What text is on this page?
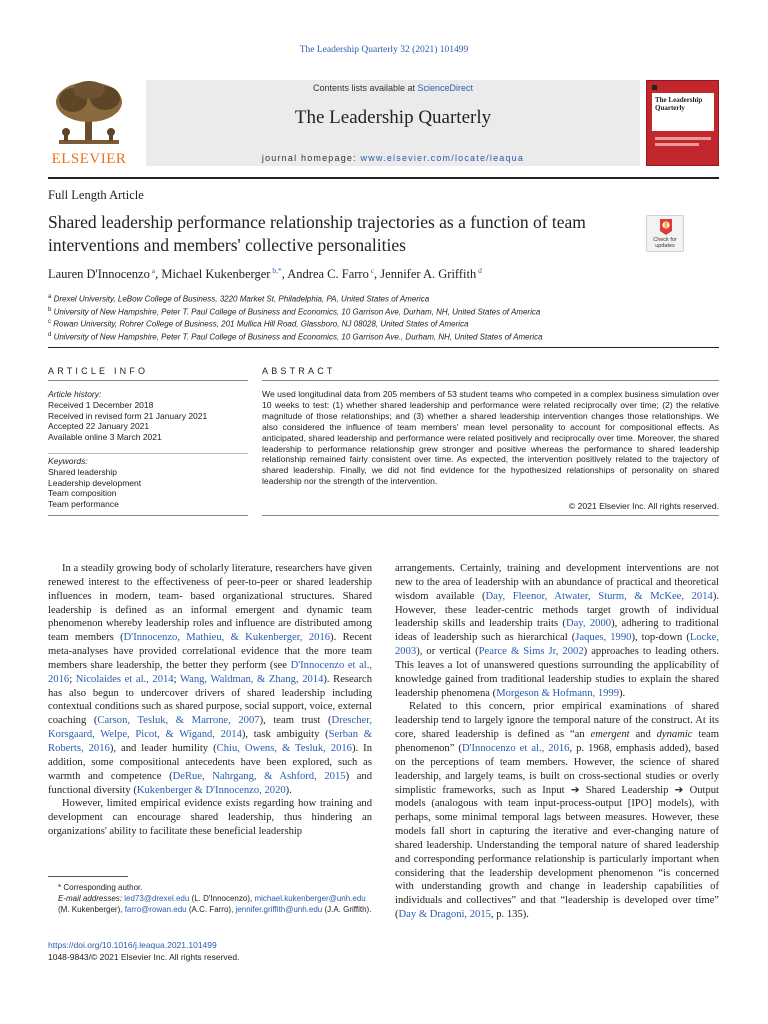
The Leadership Quarterly 32 (2021) 101499
ELSEVIER
Contents lists available at ScienceDirect
The Leadership Quarterly
journal homepage: www.elsevier.com/locate/leaqua
The Leadership Quarterly
Full Length Article
Shared leadership performance relationship trajectories as a function of team interventions and members' collective personalities	Check for updates
Lauren D'Innocenzo $^a$, Michael Kukenberger $^{b,*}$, Andrea C. Farro $^c$, Jennifer A. Griffith $^d$
$^a$ Drexel University, LeBow College of Business, 3220 Market St, Philadelphia, PA, United States of America
$^b$ University of New Hampshire, Peter T. Paul College of Business and Economics, 10 Garrison Ave, Durham, NH, United States of America
$^c$ Rowan University, Rohrer College of Business, 201 Mullica Hill Road, Glassboro, NJ 08028, United States of America
$^d$ University of New Hampshire, Peter T. Paul College of Business and Economics, 10 Garrison Ave., Durham, NH, United States of America
ARTICLE INFO	ABSTRACT
Article history:
Received 1 December 2018
Received in revised form 21 January 2021
Accepted 22 January 2021
Available online 3 March 2021
Keywords:
Shared leadership
Leadership development
Team composition
Team performance
We used longitudinal data from 205 members of 53 student teams who competed in a complex business simulation over 10 weeks to test: (1) whether shared leadership and performance were related reciprocally over time; (2) the relative magnitude of those relationships; and (3) whether a shared leadership intervention changes those relationships. We also considered the influence of team members' mean level personality to account for compositional effects. As anticipated, shared leadership and performance were related positively and reciprocally over time. Moreover, the shared leadership to performance relationship grew stronger and positive whereas the performance to shared leadership relationship remained fairly consistent over time. As expected, the intervention positively related to the trajectory of shared leadership. Finally, we did not find evidence for the hypothesized relationships of personality on shared leadership nor the strength of the intervention.
© 2021 Elsevier Inc. All rights reserved.

In a steadily growing body of scholarly literature, researchers have given renewed interest to the effectiveness of peer-to-peer or shared leadership influences in modern, team- based organizational structures. Shared leadership is defined as an informal emergent and dynamic team phenomenon whereby leadership roles and influence are distributed among team members (D'Innocenzo, Mathieu, & Kukenberger, 2016). Recent meta-analyses have provided correlational evidence that the more team members share leadership, the better they perform (see D'Innocenzo et al., 2016; Nicolaides et al., 2014; Wang, Waldman, & Zhang, 2014). Research has also begun to undercover drivers of shared leadership including contextual conditions such as shared purpose, social support, voice, external coaching (Carson, Tesluk, & Marrone, 2007), team trust (Drescher, Korsgaard, Welpe, Picot, & Wigand, 2014), task ambiguity (Serban & Roberts, 2016), and leader humility (Chiu, Owens, & Tesluk, 2016). In addition, some compositional antecedents have been explored, such as warmth and competence (DeRue, Nahrgang, & Ashford, 2015) and functional diversity (Kukenberger & D'Innocenzo, 2020).

However, limited empirical evidence exists regarding how training and development can encourage shared leadership, thus hindering an organizations' ability to facilitate these beneficial leadership

arrangements. Certainly, training and development interventions are not new to the area of leadership with an abundance of practical and theoretical wisdom available (Day, Fleenor, Atwater, Sturm, & McKee, 2014). However, these leader-centric methods target growth of individual leadership skills and leadership traits (Day, 2000), adhering to traditional ideas of leadership such as hierarchical (Jaques, 1990), top-down (Locke, 2003), or vertical (Pearce & Sims Jr, 2002) approaches to leading others. This leaves a lot of unanswered questions surrounding the applicability of knowledge gained from traditional leadership studies to explain the shared leadership phenomena (Morgeson & Hofmann, 1999).

Related to this concern, prior empirical examinations of shared leadership tend to largely ignore the temporal nature of the construct. At its core, shared leadership is defined as “an emergent and dynamic team phenomenon” (D'Innocenzo et al., 2016, p. 1968, emphasis added), based on the perceptions of team members. However, the science of shared leadership, and largely teams, is built on cross-sectional studies or overly simplistic frameworks, such as Input ➔ Shared Leadership ➔ Output models (analogous with team input-process-output [IPO] models), with perhaps, some minimal temporal lags between measures. However, these models fall short in capturing the iterative and ever-changing nature of shared leadership. Understanding the temporal nature of shared leadership and corresponding performance relationship is particularly important when considering that the leadership development phenomenon “is concerned with understanding growth and change in leadership capabilities of individuals and collectives” and that “leadership is developed over time” (Day & Dragoni, 2015, p. 135).

* Corresponding author.
E-mail addresses: led73@drexel.edu (L. D'Innocenzo), michael.kukenberger@unh.edu (M. Kukenberger), farro@rowan.edu (A.C. Farro), jennifer.griffith@unh.edu (J.A. Griffith).
https://doi.org/10.1016/j.leaqua.2021.101499
1048-9843/© 2021 Elsevier Inc. All rights reserved.
